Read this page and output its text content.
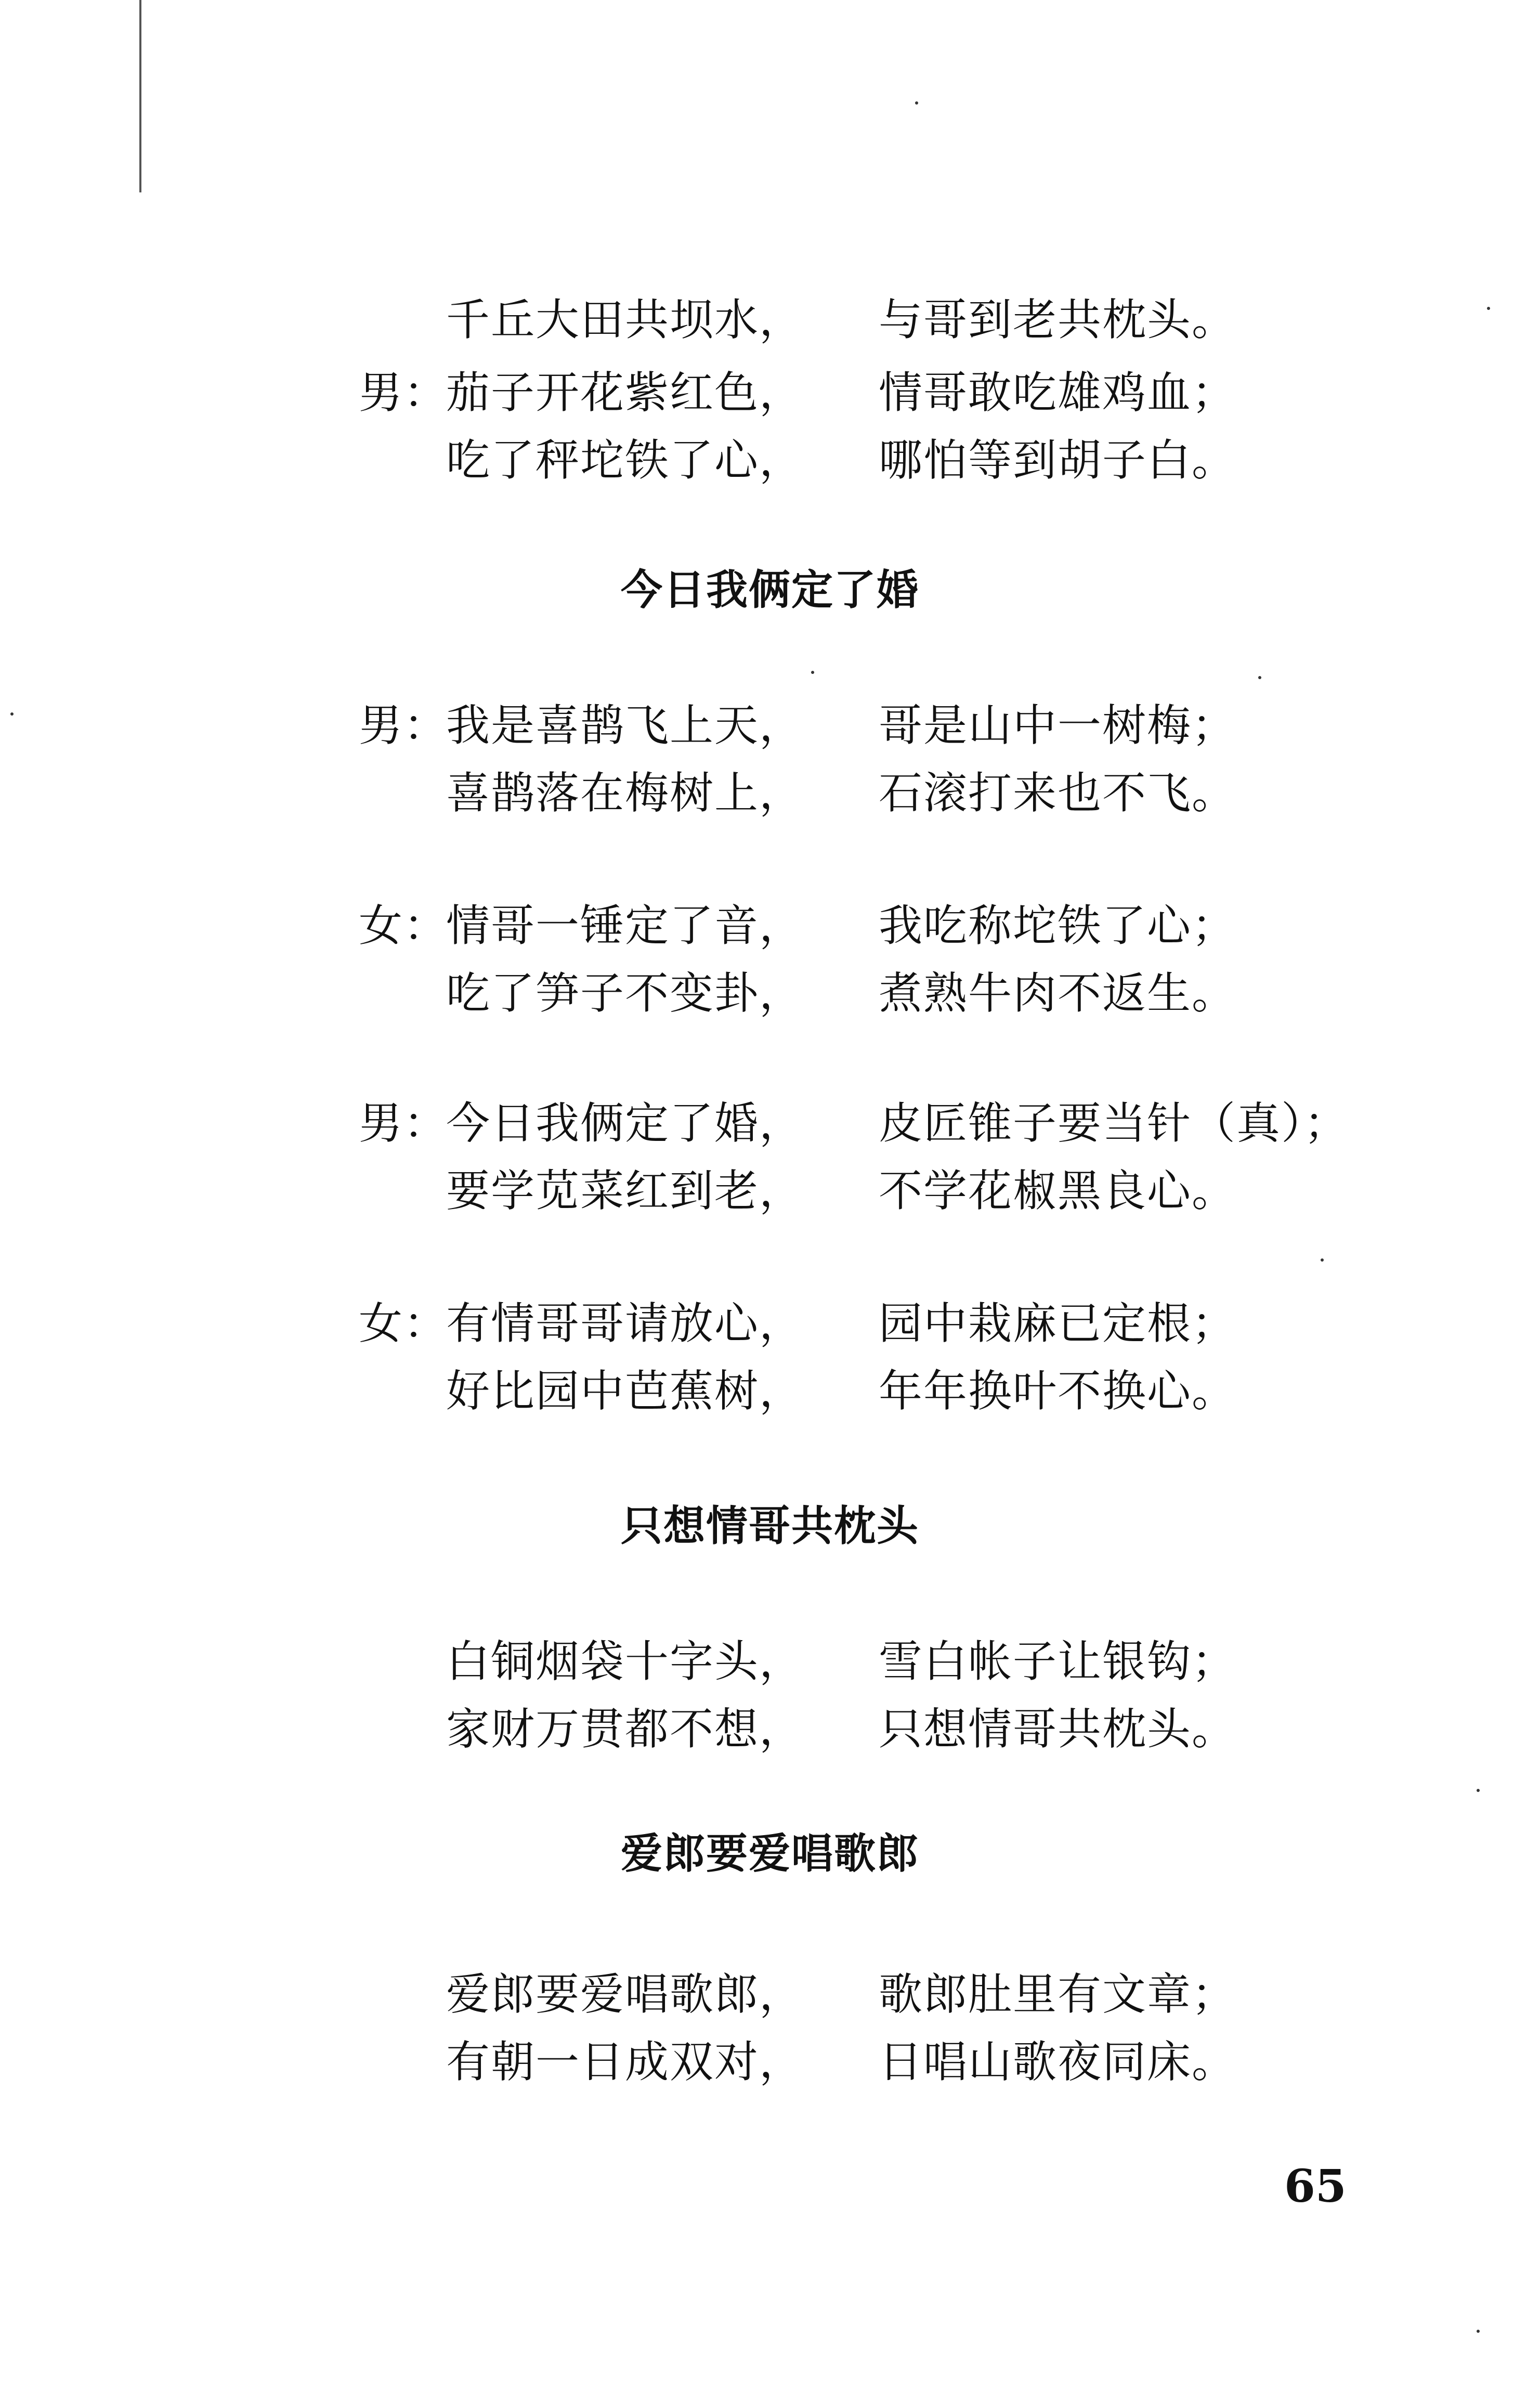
千丘大田共坝水， 与哥到老共枕头。
男：
茄子开花紫红色， 情哥敢吃雄鸡血；
吃了秤坨铁了心， 哪怕等到胡子白。
今日我俩定了婚
男：
我是喜鹊飞上天， 哥是山中一树梅；
喜鹊落在梅树上， 石滚打来也不飞。
女：
情哥一锤定了音， 我吃称坨铁了心；
吃了笋子不变卦， 煮熟牛肉不返生。
男：
今日我俩定了婚， 皮匠锥子要当针（真）；
要学苋菜红到老， 不学花椒黑良心。
女：
有情哥哥请放心， 园中栽麻已定根；
好比园中芭蕉树， 年年换叶不换心。
只想情哥共枕头
白铜烟袋十字头， 雪白帐子让银钩；
家财万贯都不想， 只想情哥共枕头。
爱郎要爱唱歌郎
爱郎要爱唱歌郎， 歌郎肚里有文章；
有朝一日成双对， 日唱山歌夜同床。
65
